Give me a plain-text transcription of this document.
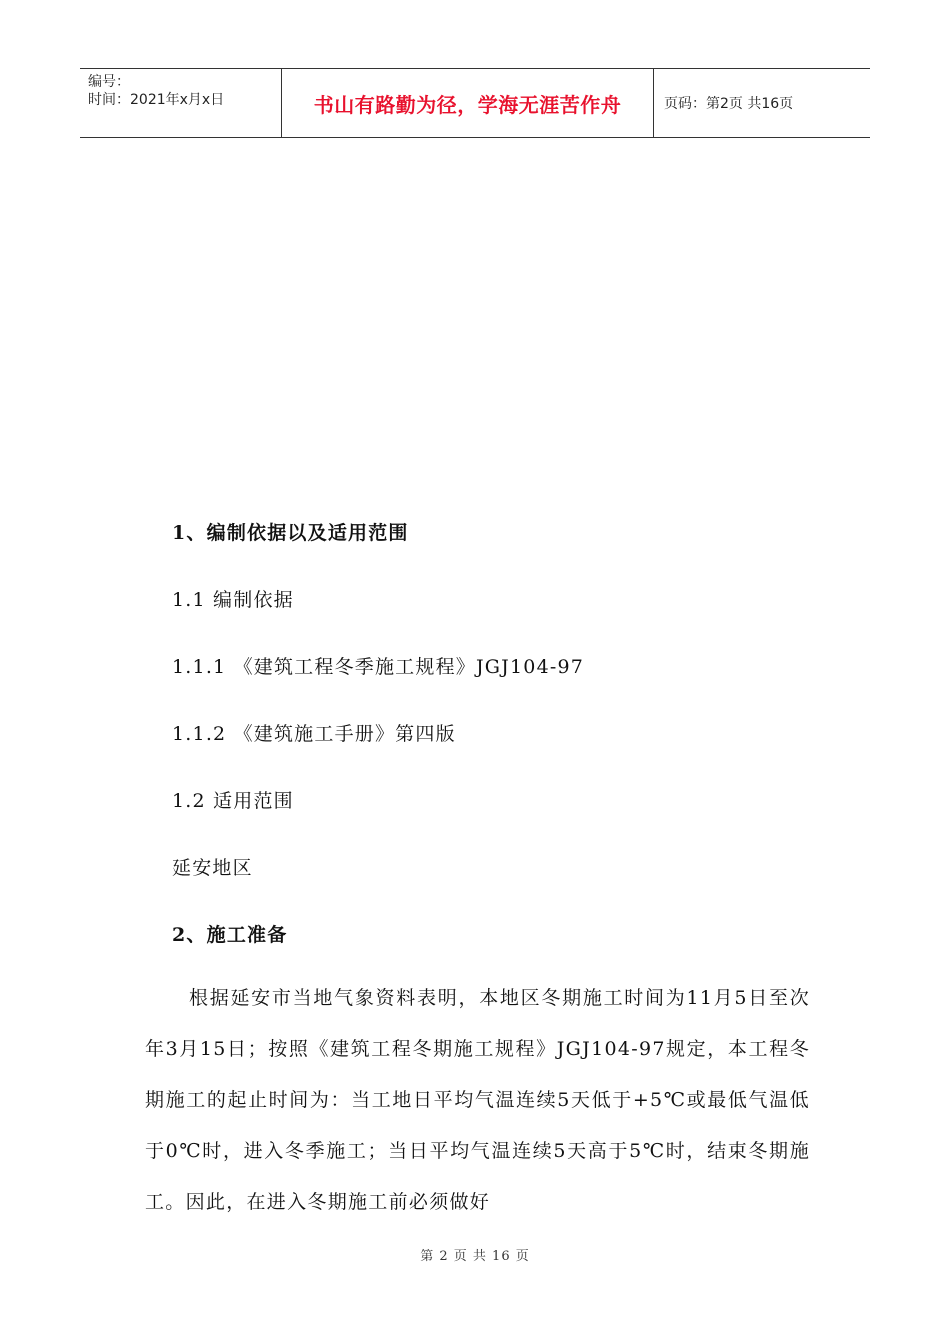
编号：
时间：2021年x月x日	书山有路勤为径，学海无涯苦作舟	页码：第2页 共16页
1、编制依据以及适用范围
1.1 编制依据
1.1.1 《建筑工程冬季施工规程》JGJ104-97
1.1.2 《建筑施工手册》第四版
1.2 适用范围
延安地区
2、施工准备
根据延安市当地气象资料表明，本地区冬期施工时间为11月5日至次年3月15日；按照《建筑工程冬期施工规程》JGJ104-97规定，本工程冬期施工的起止时间为：当工地日平均气温连续5天低于+5℃或最低气温低于0℃时，进入冬季施工；当日平均气温连续5天高于5℃时，结束冬期施工。因此，在进入冬期施工前必须做好
第 2 页 共 16 页
